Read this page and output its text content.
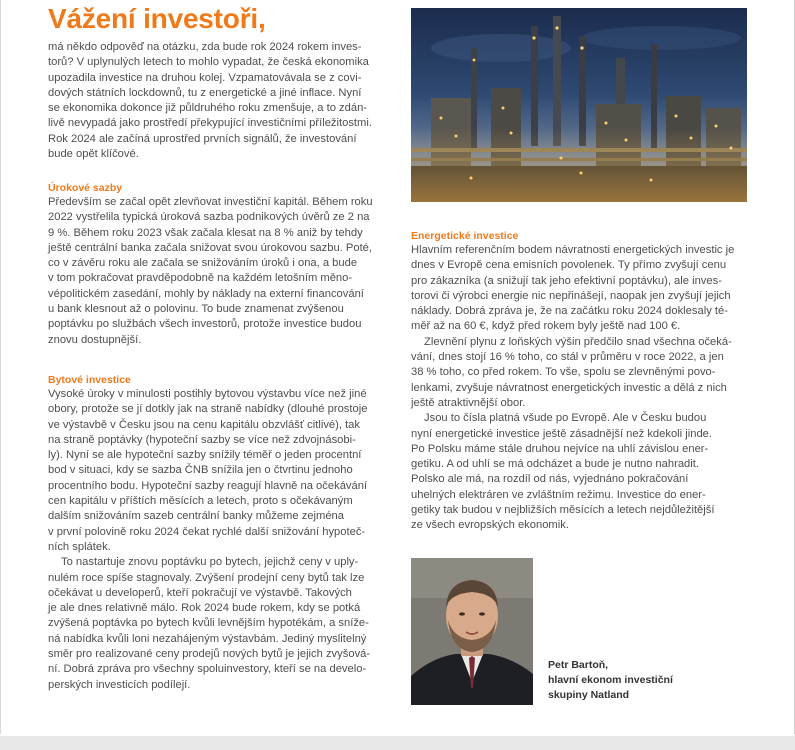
Vážení investoři,

má někdo odpověď na otázku, zda bude rok 2024 rokem inves-

torů? V uplynulých letech to mohlo vypadat, že česká ekonomika

upozadila investice na druhou kolej. Vzpamatovávala se z covi-

dových státních lockdownů, tu z energetické a jiné inflace. Nyní

se ekonomika dokonce již půldruhého roku zmenšuje, a to zdán-

livě nevypadá jako prostředí překypující investičními příležitostmi.

Rok 2024 ale začíná uprostřed prvních signálů, že investování

bude opět klíčové.

Úrokové sazby

Především se začal opět zlevňovat investiční kapitál. Během roku

2022 vystřelila typická úroková sazba podnikových úvěrů ze 2 na

9 %. Během roku 2023 však začala klesat na 8 % aniž by tehdy

ještě centrální banka začala snižovat svou úrokovou sazbu. Poté,

co v závěru roku ale začala se snižováním úroků i ona, a bude

v tom pokračovat pravděpodobně na každém letošním měno-

vépolitickém zasedání, mohly by náklady na externí financování

u bank klesnout až o polovinu. To bude znamenat zvýšenou

poptávku po službách všech investorů, protože investice budou

znovu dostupnější.

Bytové investice

Vysoké úroky v minulosti postihly bytovou výstavbu více než jiné

obory, protože se jí dotkly jak na straně nabídky (dlouhé prostoje

ve výstavbě v Česku jsou na cenu kapitálu obzvlášť citlivé), tak

na straně poptávky (hypoteční sazby se více než zdvojnásobi-

ly). Nyní se ale hypoteční sazby snížily téměř o jeden procentní

bod v situaci, kdy se sazba ČNB snížila jen o čtvrtinu jednoho

procentního bodu. Hypoteční sazby reagují hlavně na očekávání

cen kapitálu v příštích měsících a letech, proto s očekávaným

dalším snižováním sazeb centrální banky můžeme zejména

v první polovině roku 2024 čekat rychlé další snižování hypoteč-

ních splátek.

To nastartuje znovu poptávku po bytech, jejichž ceny v uply-

nulém roce spíše stagnovaly. Zvýšení prodejní ceny bytů tak lze

očekávat u developerů, kteří pokračují ve výstavbě. Takových

je ale dnes relativně málo. Rok 2024 bude rokem, kdy se potká

zvýšená poptávka po bytech kvůli levnějším hypotékám, a sníže-

ná nabídka kvůli loni nezahájeným výstavbám. Jediný myslitelný

směr pro realizované ceny prodejů nových bytů je jejich zvyšová-

ní. Dobrá zpráva pro všechny spoluinvestory, kteří se na develo-

perských investicích podílejí.

Energetické investice

Hlavním referenčním bodem návratnosti energetických investic je

dnes v Evropě cena emisních povolenek. Ty přímo zvyšují cenu

pro zákazníka (a snižují tak jeho efektivní poptávku), ale inves-

torovi či výrobci energie nic nepřinášejí, naopak jen zvyšují jejich

náklady. Dobrá zpráva je, že na začátku roku 2024 doklesaly té-

měř až na 60 €, když před rokem byly ještě nad 100 €.

Zlevnění plynu z loňských výšin předčilo snad všechna očeká-

vání, dnes stojí 16 % toho, co stál v průměru v roce 2022, a jen

38 % toho, co před rokem. To vše, spolu se zlevněnými povo-

lenkami, zvyšuje návratnost energetických investic a dělá z nich

ještě atraktivnější obor.

Jsou to čísla platná všude po Evropě. Ale v Česku budou

nyní energetické investice ještě zásadnější než kdekoli jinde.

Po Polsku máme stále druhou nejvíce na uhlí závislou ener-

getiku. A od uhlí se má odcházet a bude je nutno nahradit.

Polsko ale má, na rozdíl od nás, vyjednáno pokračování

uhelných elektráren ve zvláštním režimu. Investice do ener-

getiky tak budou v nejbližších měsících a letech nejdůležitější

ze všech evropských ekonomik.

Petr Bartoň,
hlavní ekonom investiční
skupiny Natland
